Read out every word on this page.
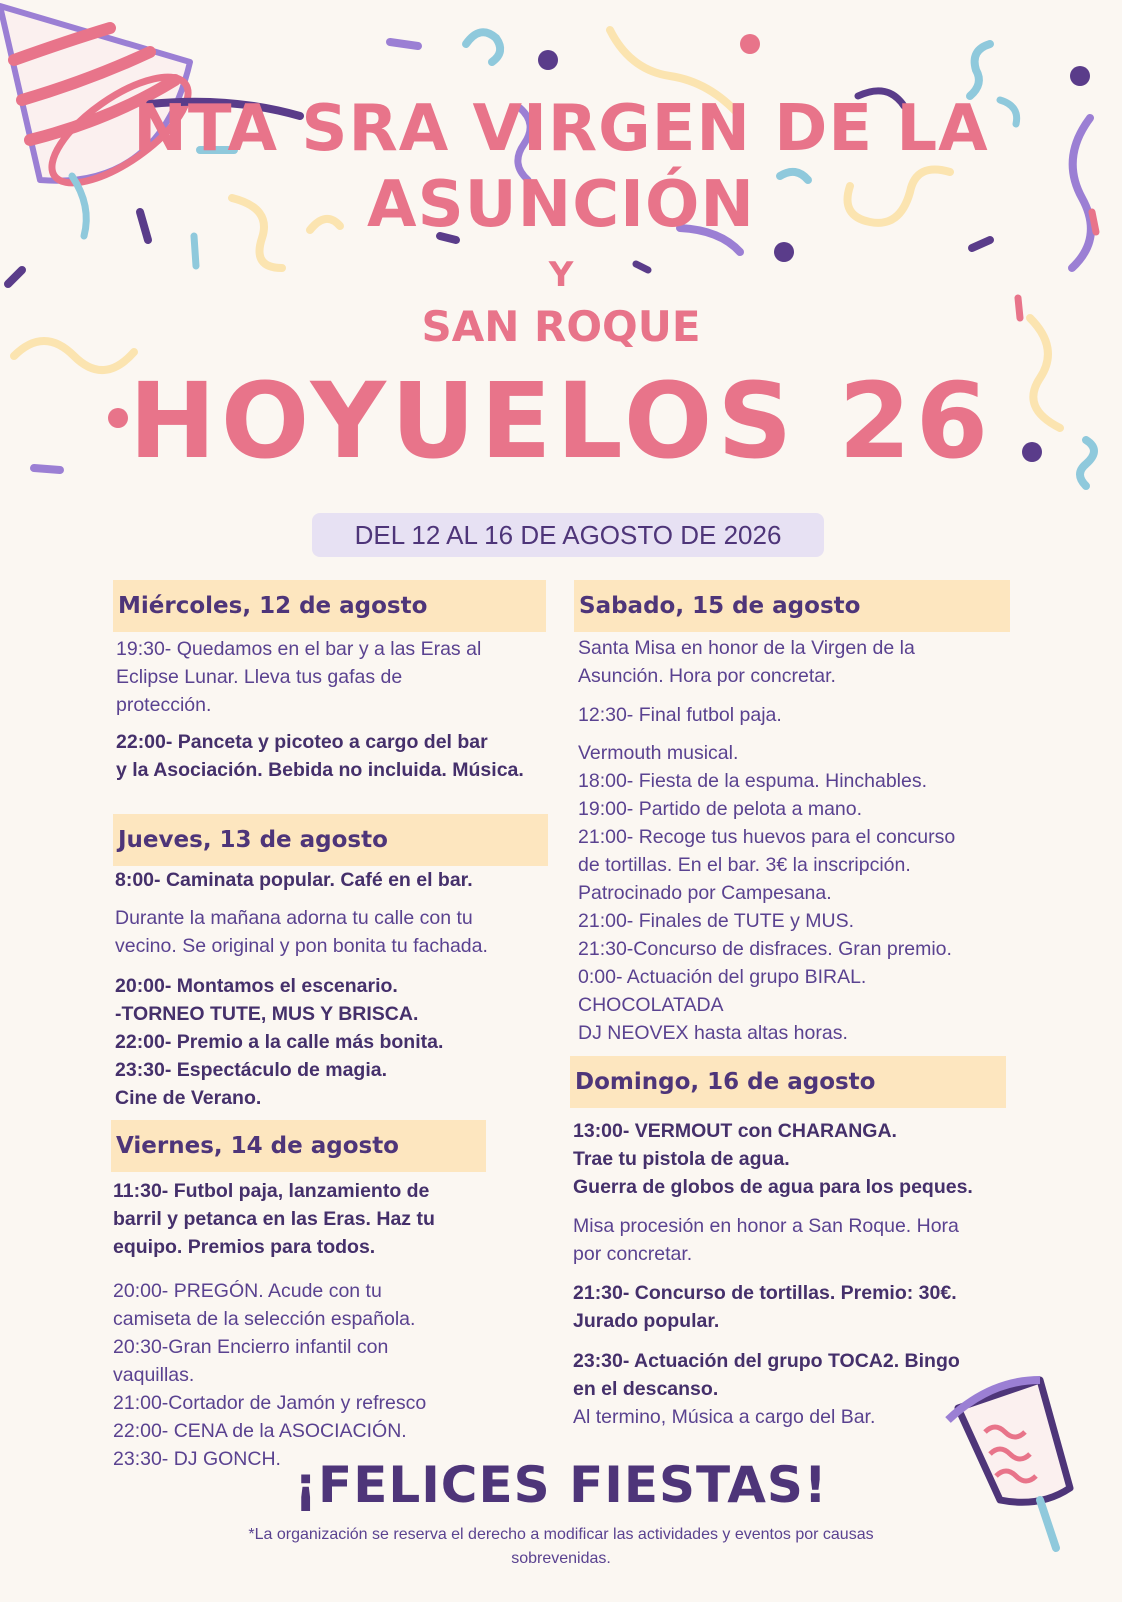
NTA SRA VIRGEN DE LA
ASUNCIÓN
Y
SAN ROQUE
HOYUELOS 26
DEL 12 AL 16 DE AGOSTO DE 2026
Miércoles, 12 de agosto
Jueves, 13 de agosto
Viernes, 14 de agosto
Sabado, 15 de agosto
Domingo, 16 de agosto
19:30- Quedamos en el bar y a las Eras al
Eclipse Lunar. Lleva tus gafas de
protección.
22:00- Panceta y picoteo a cargo del bar
y la Asociación. Bebida no incluida. Música.
8:00- Caminata popular. Café en el bar.
Durante la mañana adorna tu calle con tu
vecino. Se original y pon bonita tu fachada.
20:00- Montamos el escenario.
-TORNEO TUTE, MUS Y BRISCA.
22:00- Premio a la calle más bonita.
23:30- Espectáculo de magia.
Cine de Verano.
11:30- Futbol paja, lanzamiento de
barril y petanca en las Eras. Haz tu
equipo. Premios para todos.
20:00- PREGÓN. Acude con tu
camiseta de la selección española.
20:30-Gran Encierro infantil con
vaquillas.
21:00-Cortador de Jamón y refresco
22:00- CENA de la ASOCIACIÓN.
23:30- DJ GONCH.
Santa Misa en honor de la Virgen de la
Asunción. Hora por concretar.
12:30- Final futbol paja.
Vermouth musical.
18:00- Fiesta de la espuma. Hinchables.
19:00- Partido de pelota a mano.
21:00- Recoge tus huevos para el concurso
de tortillas. En el bar. 3€ la inscripción.
Patrocinado por Campesana.
21:00- Finales de TUTE y MUS.
21:30-Concurso de disfraces. Gran premio.
0:00- Actuación del grupo BIRAL.
CHOCOLATADA
DJ NEOVEX hasta altas horas.
13:00- VERMOUT con CHARANGA.
Trae tu pistola de agua.
Guerra de globos de agua para los peques.
Misa procesión en honor a San Roque. Hora
por concretar.
21:30- Concurso de tortillas. Premio: 30€.
Jurado popular.
23:30- Actuación del grupo TOCA2. Bingo
en el descanso.
Al termino, Música a cargo del Bar.
¡FELICES FIESTAS!
*La organización se reserva el derecho a modificar las actividades y eventos por causas
sobrevenidas.
